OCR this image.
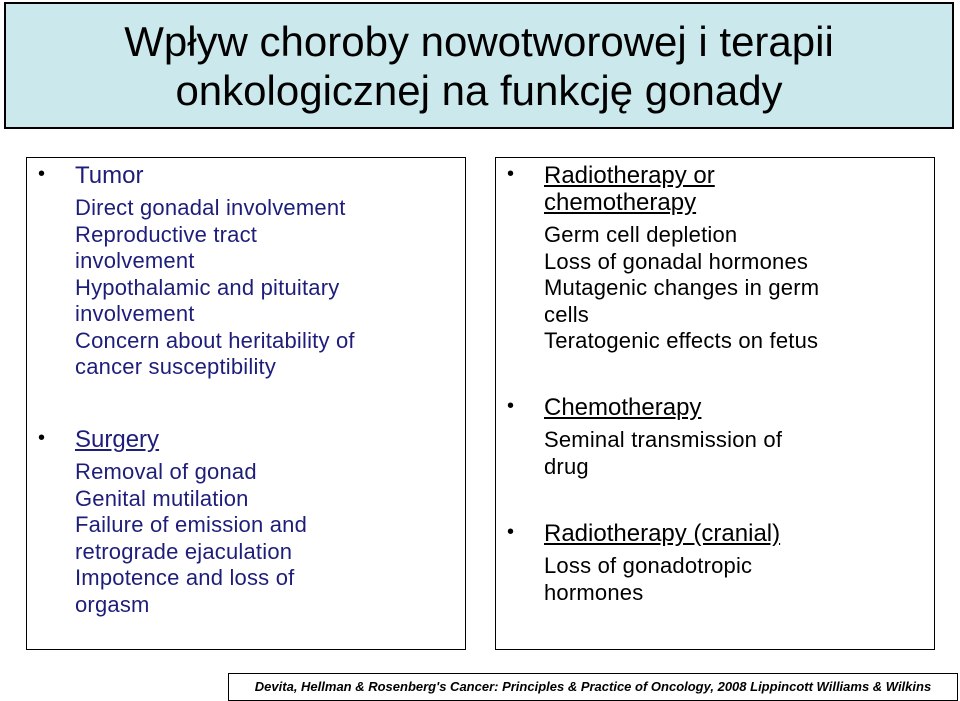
Wpływ choroby nowotworowej i terapii
onkologicznej na funkcję gonady
• Tumor
Direct gonadal involvement
Reproductive tract
involvement
Hypothalamic and pituitary
involvement
Concern about heritability of
cancer susceptibility
• Surgery
Removal of gonad
Genital mutilation
Failure of emission and
retrograde ejaculation
Impotence and loss of
orgasm
• Radiotherapy or
chemotherapy
Germ cell depletion
Loss of gonadal hormones
Mutagenic changes in germ
cells
Teratogenic effects on fetus
• Chemotherapy
Seminal transmission of
drug
• Radiotherapy (cranial)
Loss of gonadotropic
hormones
Devita, Hellman & Rosenberg's Cancer: Principles & Practice of Oncology, 2008 Lippincott Williams & Wilkins
